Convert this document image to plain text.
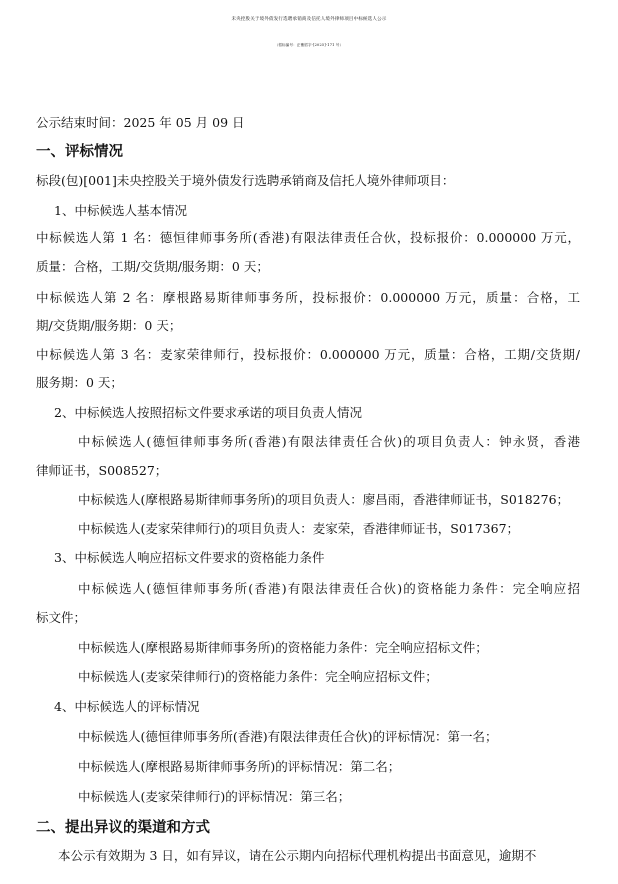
未央控股关于境外债发行选聘承销商及信托人境外律师项目中标候选人公示
（招标编号：正衡招字-[2025]-171 号）
公示结束时间：2025 年 05 月 09 日
一、评标情况
标段(包)[001]未央控股关于境外债发行选聘承销商及信托人境外律师项目：
1、中标候选人基本情况
中标候选人第 1 名：德恒律师事务所(香港)有限法律责任合伙，投标报价：0.000000 万元，
质量：合格，工期/交货期/服务期：0 天；
中标候选人第 2 名：摩根路易斯律师事务所，投标报价：0.000000 万元，质量：合格，工
期/交货期/服务期：0 天；
中标候选人第 3 名：麦家荣律师行，投标报价：0.000000 万元，质量：合格，工期/交货期/
服务期：0 天；
2、中标候选人按照招标文件要求承诺的项目负责人情况
中标候选人(德恒律师事务所(香港)有限法律责任合伙)的项目负责人：钟永贤，香港
律师证书，S008527；
中标候选人(摩根路易斯律师事务所)的项目负责人：廖昌雨，香港律师证书，S018276；
中标候选人(麦家荣律师行)的项目负责人：麦家荣，香港律师证书，S017367；
3、中标候选人响应招标文件要求的资格能力条件
中标候选人(德恒律师事务所(香港)有限法律责任合伙)的资格能力条件：完全响应招
标文件；
中标候选人(摩根路易斯律师事务所)的资格能力条件：完全响应招标文件；
中标候选人(麦家荣律师行)的资格能力条件：完全响应招标文件；
4、中标候选人的评标情况
中标候选人(德恒律师事务所(香港)有限法律责任合伙)的评标情况：第一名；
中标候选人(摩根路易斯律师事务所)的评标情况：第二名；
中标候选人(麦家荣律师行)的评标情况：第三名；
二、提出异议的渠道和方式
本公示有效期为 3 日，如有异议，请在公示期内向招标代理机构提出书面意见，逾期不
